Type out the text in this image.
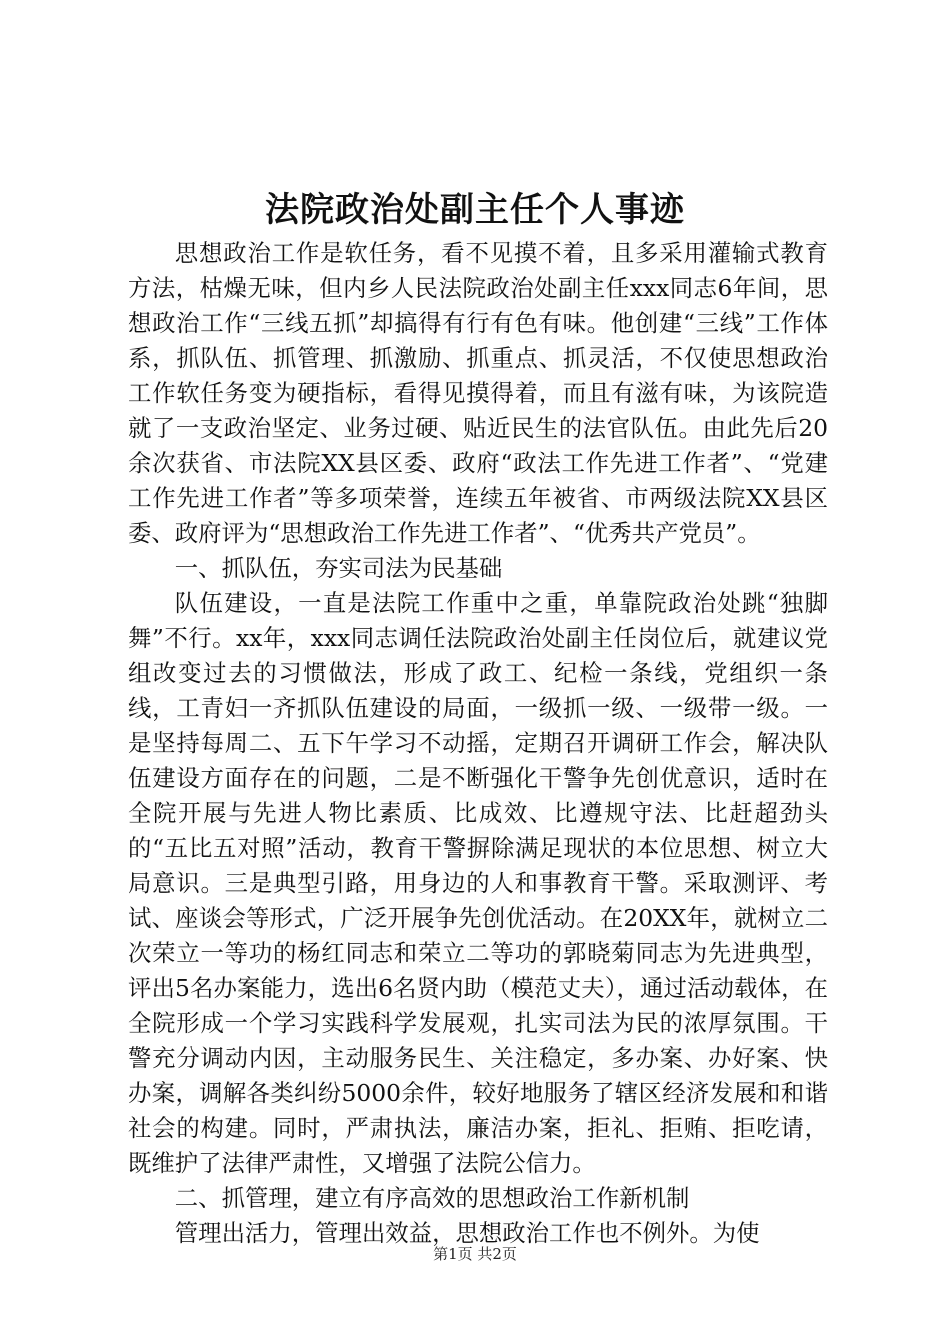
法院政治处副主任个人事迹

思想政治工作是软任务，看不见摸不着，且多采用灌输式教育方法，枯燥无味，但内乡人民法院政治处副主任xxx同志6年间，思想政治工作“三线五抓”却搞得有行有色有味。他创建“三线”工作体系，抓队伍、抓管理、抓激励、抓重点、抓灵活，不仅使思想政治工作软任务变为硬指标，看得见摸得着，而且有滋有味，为该院造就了一支政治坚定、业务过硬、贴近民生的法官队伍。由此先后20余次获省、市法院XX县区委、政府“政法工作先进工作者”、“党建工作先进工作者”等多项荣誉，连续五年被省、市两级法院XX县区委、政府评为“思想政治工作先进工作者”、“优秀共产党员”。

一、抓队伍，夯实司法为民基础

队伍建设，一直是法院工作重中之重，单靠院政治处跳“独脚舞”不行。xx年，xxx同志调任法院政治处副主任岗位后，就建议党组改变过去的习惯做法，形成了政工、纪检一条线，党组织一条线，工青妇一齐抓队伍建设的局面，一级抓一级、一级带一级。一是坚持每周二、五下午学习不动摇，定期召开调研工作会，解决队伍建设方面存在的问题，二是不断强化干警争先创优意识，适时在全院开展与先进人物比素质、比成效、比遵规守法、比赶超劲头的“五比五对照”活动，教育干警摒除满足现状的本位思想、树立大局意识。三是典型引路，用身边的人和事教育干警。采取测评、考试、座谈会等形式，广泛开展争先创优活动。在20XX年，就树立二次荣立一等功的杨红同志和荣立二等功的郭晓菊同志为先进典型，评出5名办案能力，选出6名贤内助（模范丈夫），通过活动载体，在全院形成一个学习实践科学发展观，扎实司法为民的浓厚氛围。干警充分调动内因，主动服务民生、关注稳定，多办案、办好案、快办案，调解各类纠纷5000余件，较好地服务了辖区经济发展和和谐社会的构建。同时，严肃执法，廉洁办案，拒礼、拒贿、拒吃请，既维护了法律严肃性，又增强了法院公信力。

二、抓管理，建立有序高效的思想政治工作新机制

管理出活力，管理出效益，思想政治工作也不例外。为使

第1页 共2页
